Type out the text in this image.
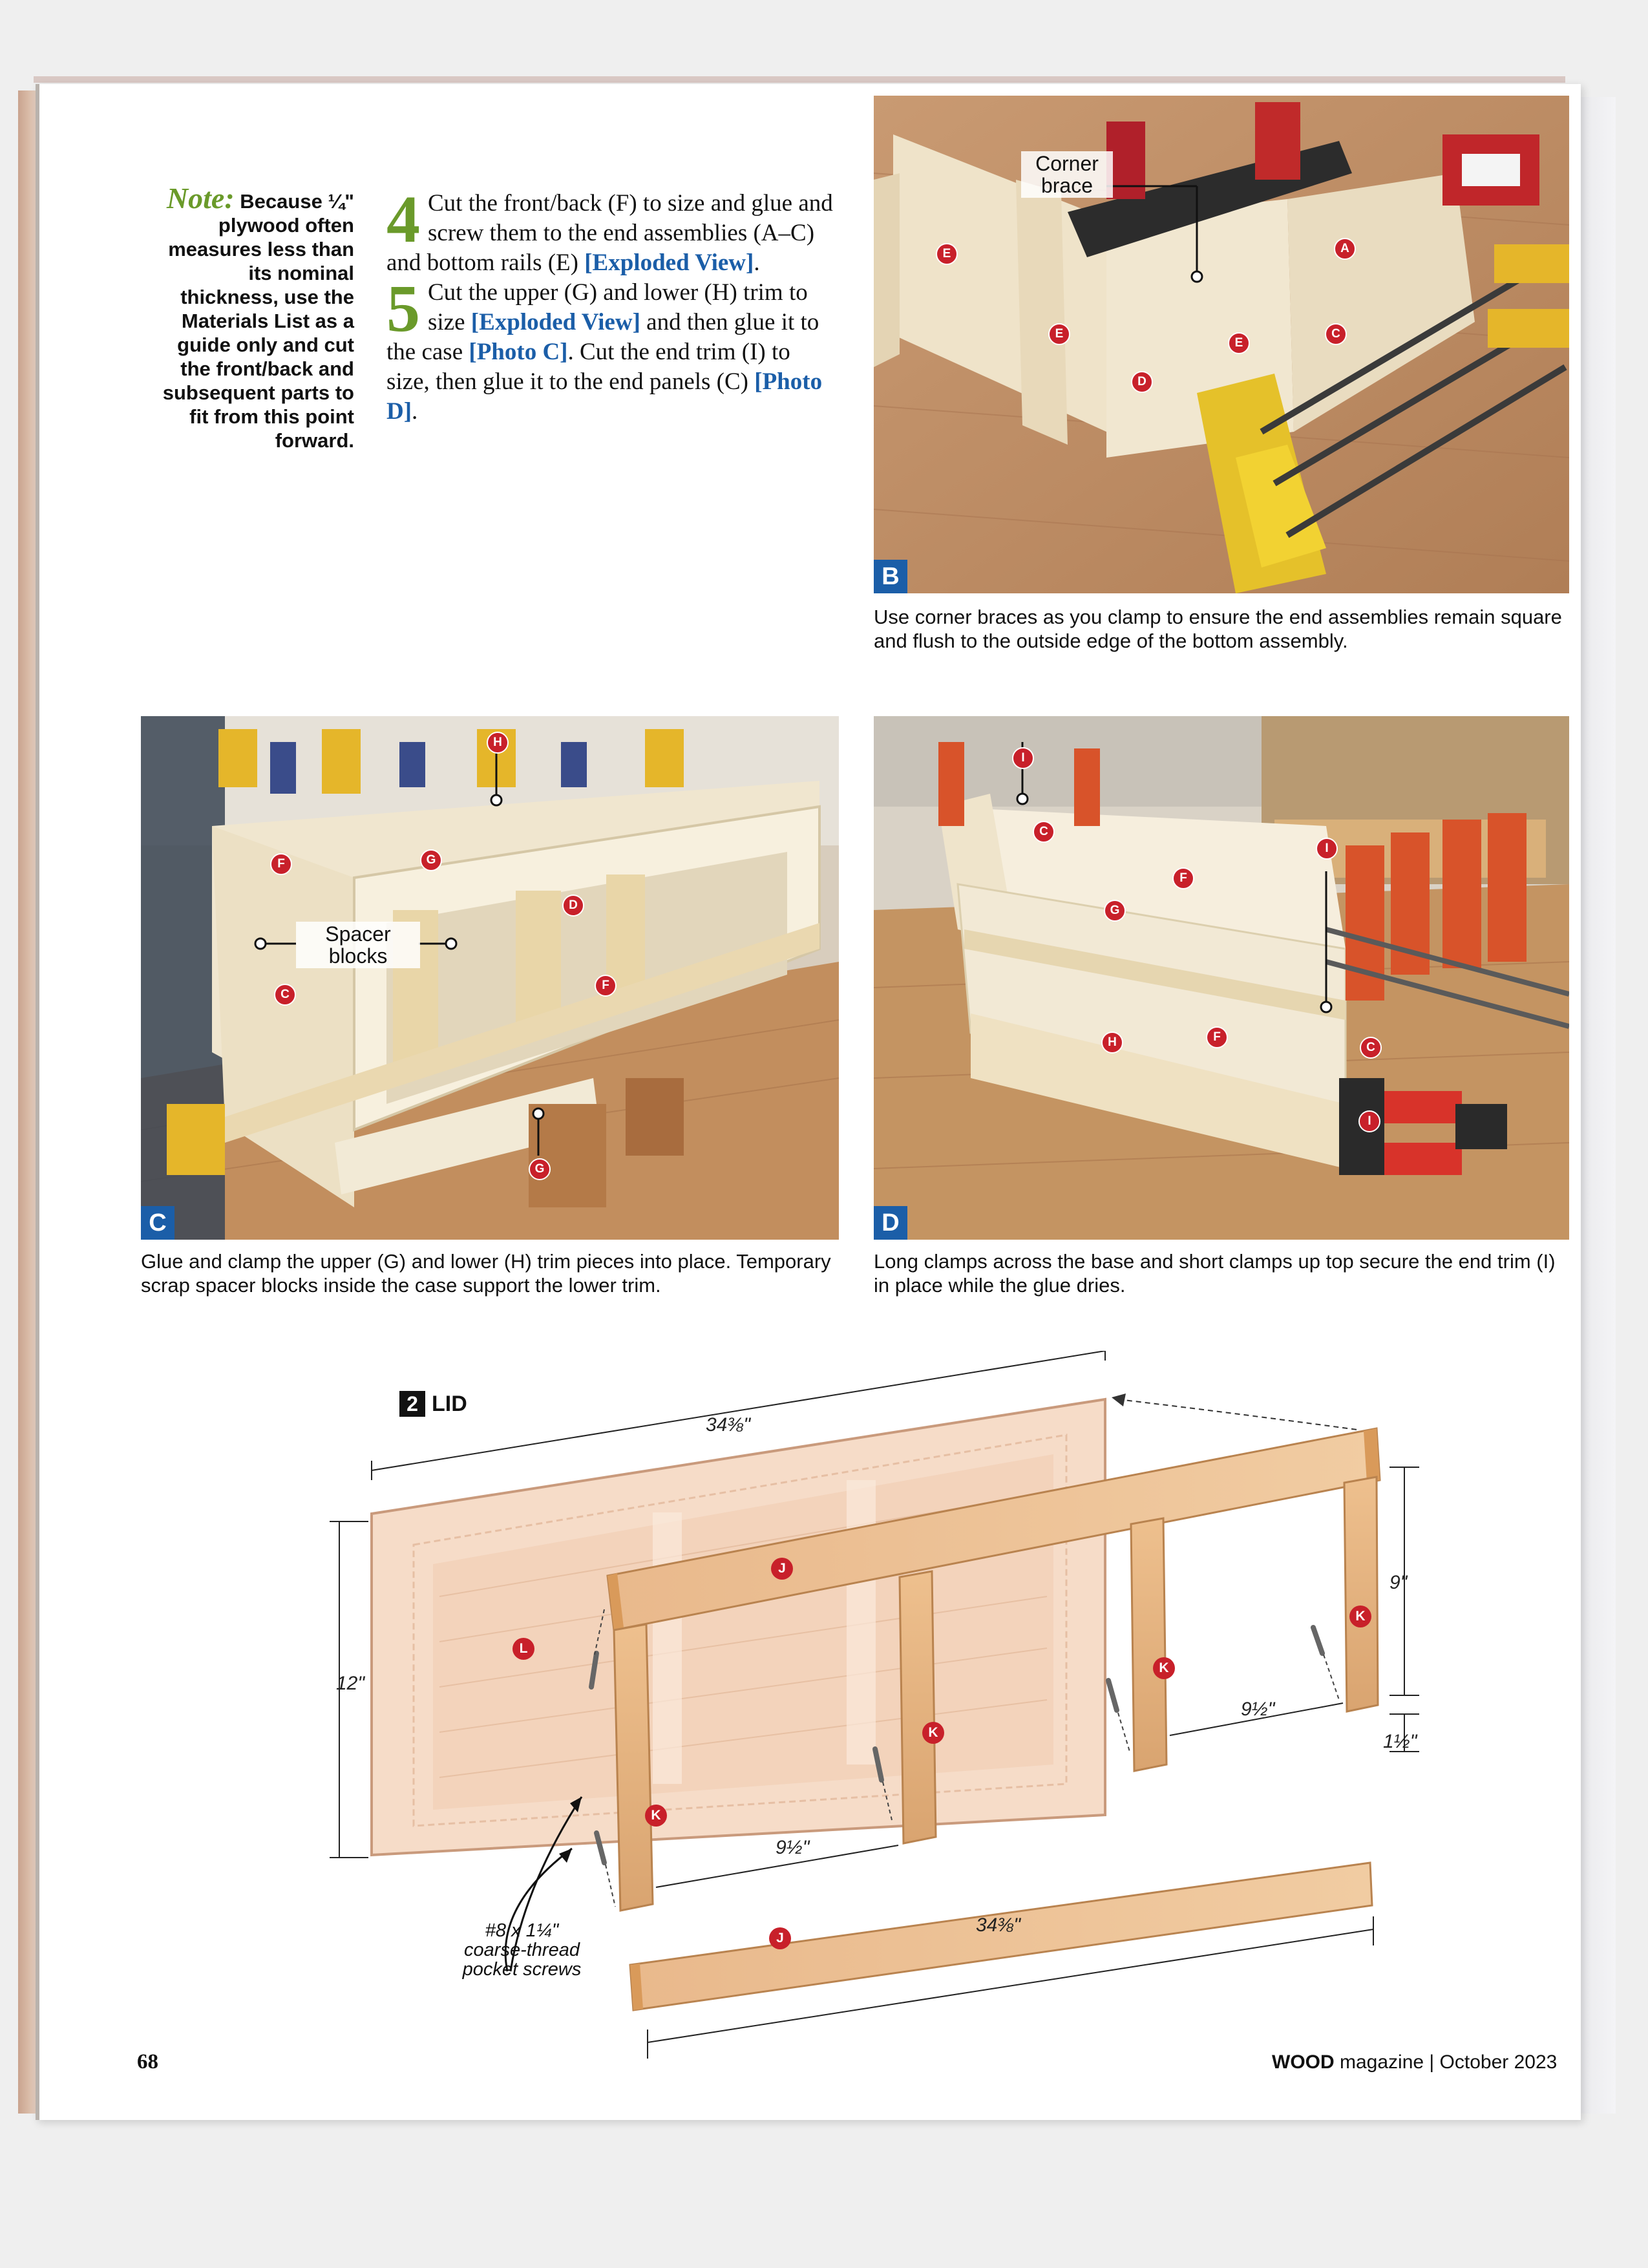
Note: Because ¼" plywood often measures less than its nominal thickness, use the Materials List as a guide only and cut the front/back and subsequent parts to fit from this point forward.

4 Cut the front/back (F) to size and glue and screw them to the end assemblies (A–C) and bottom rails (E) [Exploded View].

5 Cut the upper (G) and lower (H) trim to size [Exploded View] and then glue it to the case [Photo C]. Cut the end trim (I) to size, then glue it to the end panels (C) [Photo D].

Corner brace
E	A
E
E
C
D
B
Use corner braces as you clamp to ensure the end assemblies remain square and flush to the outside edge of the bottom assembly.
Spacer blocks
H
F	G
D
C
F
G
C
Glue and clamp the upper (G) and lower (H) trim pieces into place. Temporary scrap spacer blocks inside the case support the lower trim.
I
C
F
G
I
H	F
C
I
D
Long clamps across the base and short clamps up top secure the end trim (I) in place while the glue dries.
2 LID
34⅜"
12"
9"
9½"
9½"
1½"
34⅜"
J
L
K
K
K
K
J
#8 x 1¼" coarse-thread pocket screws
68	WOOD magazine | October 2023
